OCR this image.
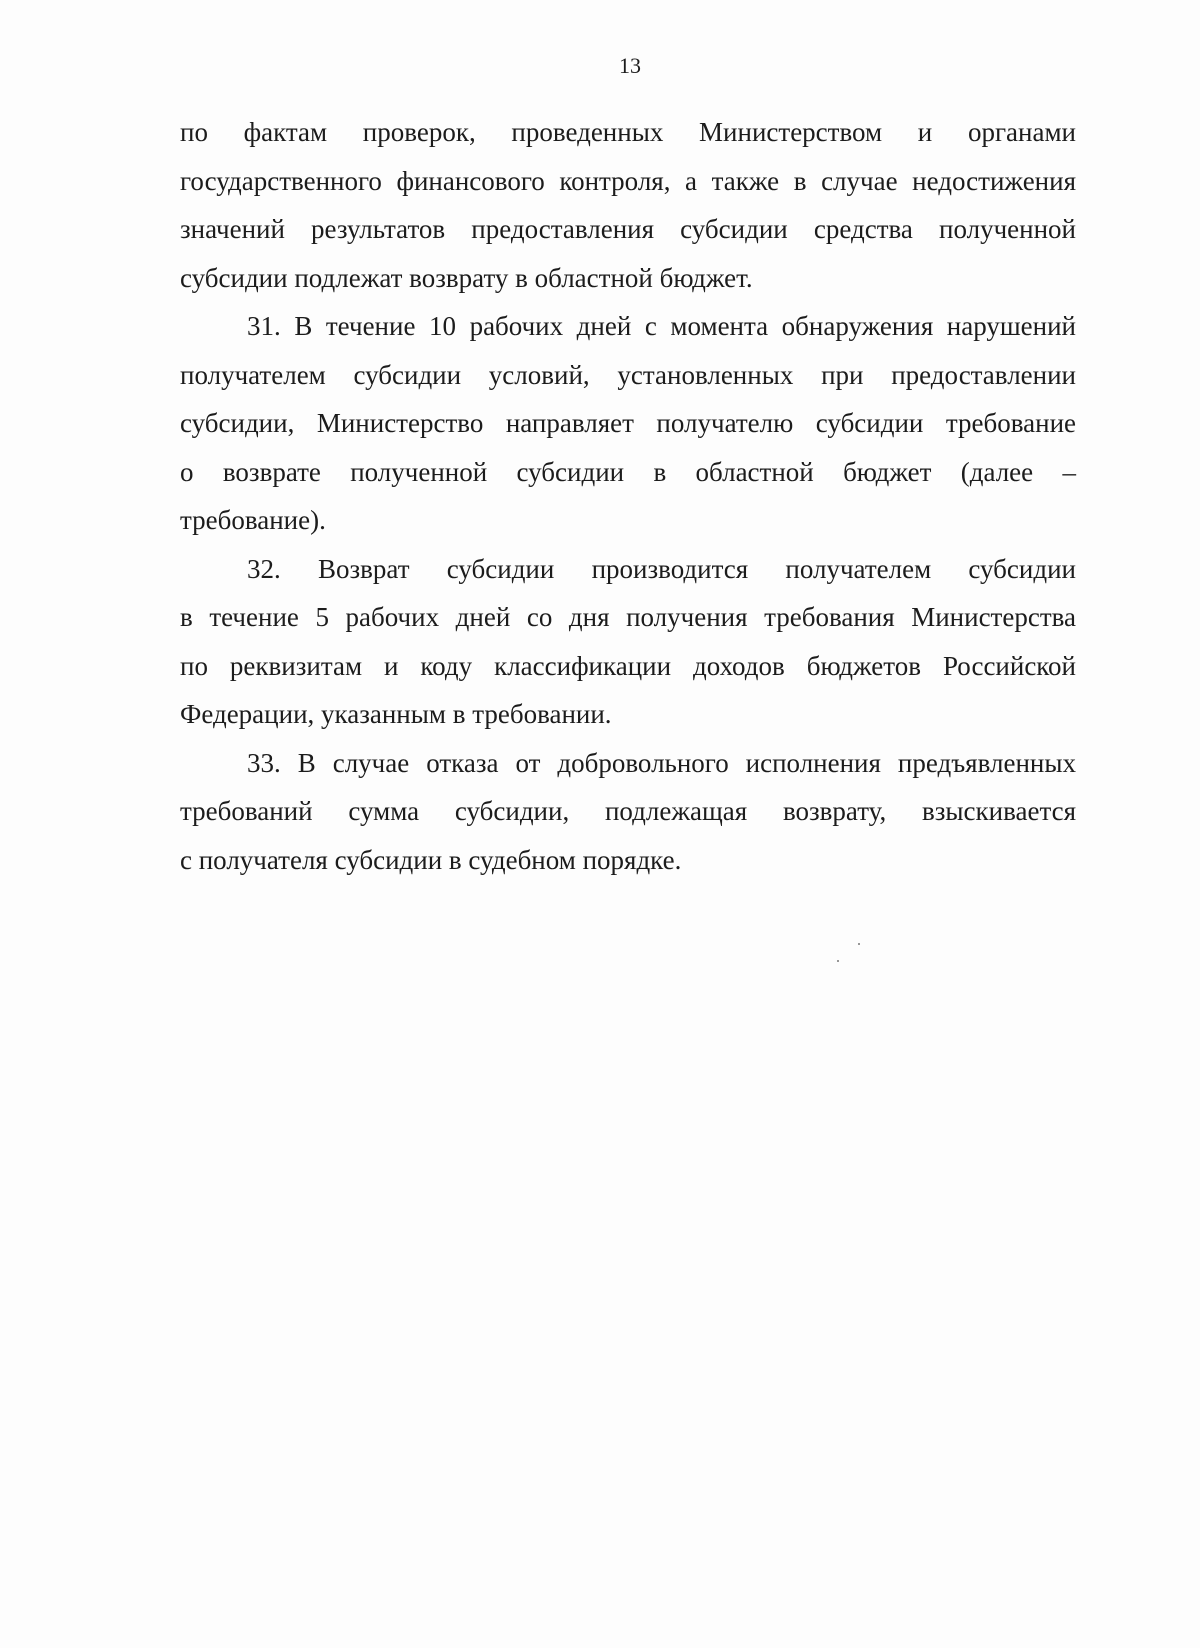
13
по фактам проверок, проведенных Министерством и органами
государственного финансового контроля, а также в случае недостижения
значений результатов предоставления субсидии средства полученной
субсидии подлежат возврату в областной бюджет.
31. В течение 10 рабочих дней с момента обнаружения нарушений
получателем субсидии условий, установленных при предоставлении
субсидии, Министерство направляет получателю субсидии требование
о возврате полученной субсидии в областной бюджет (далее –
требование).
32. Возврат субсидии производится получателем субсидии
в течение 5 рабочих дней со дня получения требования Министерства
по реквизитам и коду классификации доходов бюджетов Российской
Федерации, указанным в требовании.
33. В случае отказа от добровольного исполнения предъявленных
требований сумма субсидии, подлежащая возврату, взыскивается
с получателя субсидии в судебном порядке.
